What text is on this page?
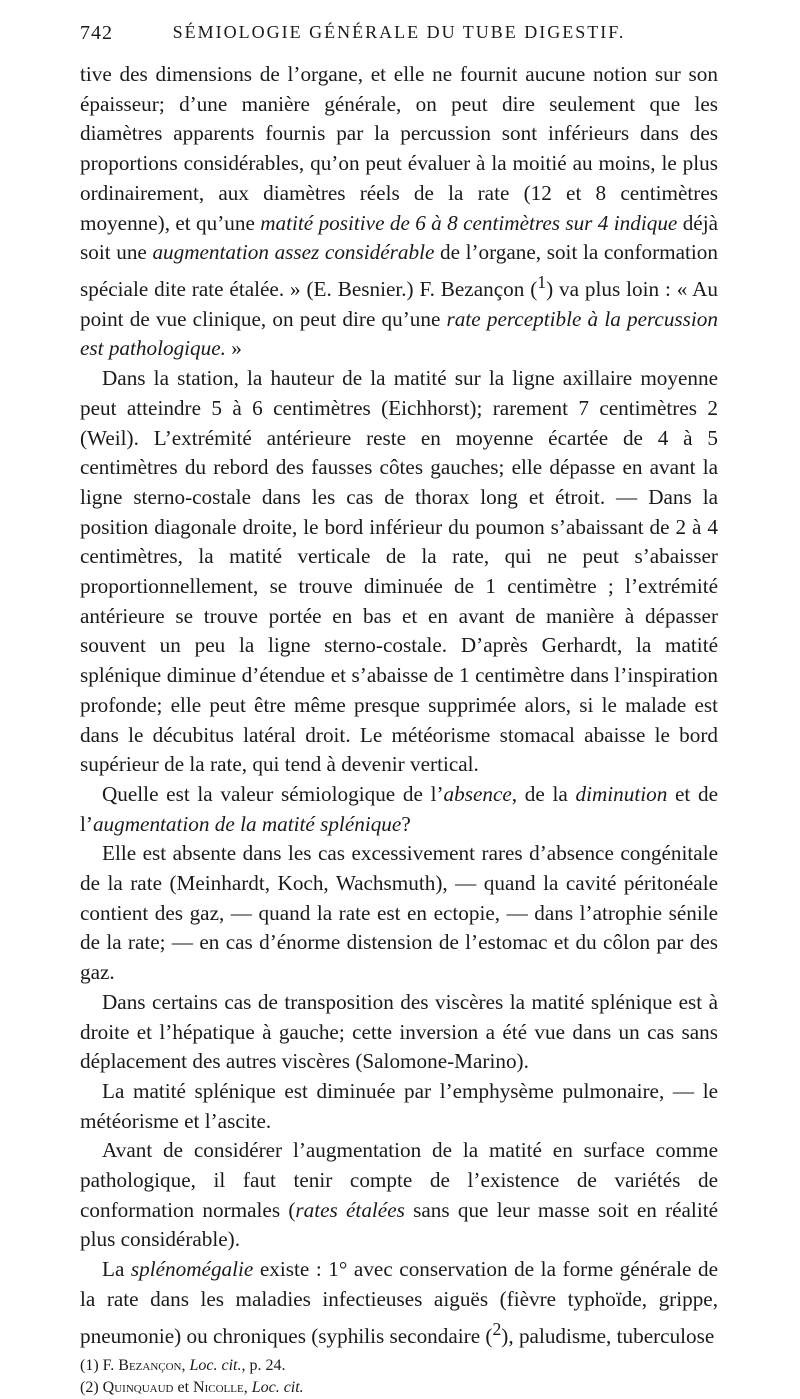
742	SÉMIOLOGIE GÉNÉRALE DU TUBE DIGESTIF.

tive des dimensions de l’organe, et elle ne fournit aucune notion sur son épaisseur; d’une manière générale, on peut dire seulement que les diamètres apparents fournis par la percussion sont inférieurs dans des proportions considérables, qu’on peut évaluer à la moitié au moins, le plus ordinairement, aux diamètres réels de la rate (12 et 8 centimètres moyenne), et qu’une matité positive de 6 à 8 centimètres sur 4 indique déjà soit une augmentation assez considérable de l’organe, soit la conformation spéciale dite rate étalée. » (E. Besnier.) F. Bezançon ($^1$) va plus loin : « Au point de vue clinique, on peut dire qu’une rate perceptible à la percussion est pathologique. »

Dans la station, la hauteur de la matité sur la ligne axillaire moyenne peut atteindre 5 à 6 centimètres (Eichhorst); rarement 7 centimètres 2 (Weil). L’extrémité antérieure reste en moyenne écartée de 4 à 5 centimètres du rebord des fausses côtes gauches; elle dépasse en avant la ligne sterno-costale dans les cas de thorax long et étroit. — Dans la position diagonale droite, le bord inférieur du poumon s’abaissant de 2 à 4 centimètres, la matité verticale de la rate, qui ne peut s’abaisser proportionnellement, se trouve diminuée de 1 centimètre ; l’extrémité antérieure se trouve portée en bas et en avant de manière à dépasser souvent un peu la ligne sterno-costale. D’après Gerhardt, la matité splénique diminue d’étendue et s’abaisse de 1 centimètre dans l’inspiration profonde; elle peut être même presque supprimée alors, si le malade est dans le décubitus latéral droit. Le météorisme stomacal abaisse le bord supérieur de la rate, qui tend à devenir vertical.

Quelle est la valeur sémiologique de l’absence, de la diminution et de l’augmentation de la matité splénique?

Elle est absente dans les cas excessivement rares d’absence congénitale de la rate (Meinhardt, Koch, Wachsmuth), — quand la cavité péritonéale contient des gaz, — quand la rate est en ectopie, — dans l’atrophie sénile de la rate; — en cas d’énorme distension de l’estomac et du côlon par des gaz.

Dans certains cas de transposition des viscères la matité splénique est à droite et l’hépatique à gauche; cette inversion a été vue dans un cas sans déplacement des autres viscères (Salomone-Marino).

La matité splénique est diminuée par l’emphysème pulmonaire, — le météorisme et l’ascite.

Avant de considérer l’augmentation de la matité en surface comme pathologique, il faut tenir compte de l’existence de variétés de conformation normales (rates étalées sans que leur masse soit en réalité plus considérable).

La splénomégalie existe : 1° avec conservation de la forme générale de la rate dans les maladies infectieuses aiguës (fièvre typhoïde, grippe, pneumonie) ou chroniques (syphilis secondaire ($^2$), paludisme, tuberculose

(1) F. Bezançon, Loc. cit., p. 24.

(2) Quinquaud et Nicolle, Loc. cit.
